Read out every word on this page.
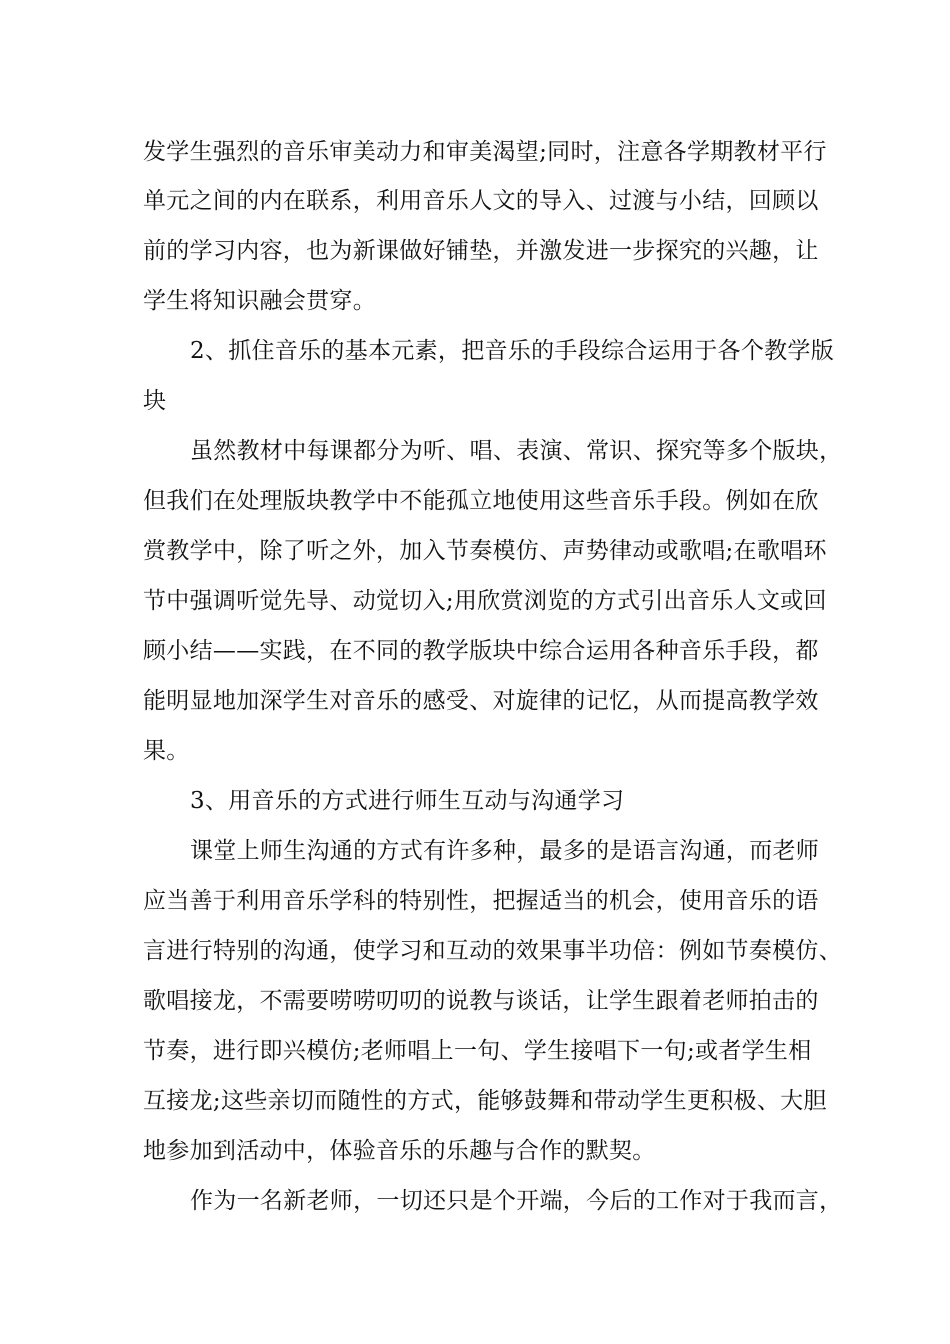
发学生强烈的音乐审美动力和审美渴望;同时，注意各学期教材平行
单元之间的内在联系，利用音乐人文的导入、过渡与小结，回顾以
前的学习内容，也为新课做好铺垫，并激发进一步探究的兴趣，让
学生将知识融会贯穿。
2、抓住音乐的基本元素，把音乐的手段综合运用于各个教学版
块
虽然教材中每课都分为听、唱、表演、常识、探究等多个版块，
但我们在处理版块教学中不能孤立地使用这些音乐手段。例如在欣
赏教学中，除了听之外，加入节奏模仿、声势律动或歌唱;在歌唱环
节中强调听觉先导、动觉切入;用欣赏浏览的方式引出音乐人文或回
顾小结——实践，在不同的教学版块中综合运用各种音乐手段，都
能明显地加深学生对音乐的感受、对旋律的记忆，从而提高教学效
果。
3、用音乐的方式进行师生互动与沟通学习
课堂上师生沟通的方式有许多种，最多的是语言沟通，而老师
应当善于利用音乐学科的特别性，把握适当的机会，使用音乐的语
言进行特别的沟通，使学习和互动的效果事半功倍：例如节奏模仿、
歌唱接龙，不需要唠唠叨叨的说教与谈话，让学生跟着老师拍击的
节奏，进行即兴模仿;老师唱上一句、学生接唱下一句;或者学生相
互接龙;这些亲切而随性的方式，能够鼓舞和带动学生更积极、大胆
地参加到活动中，体验音乐的乐趣与合作的默契。
作为一名新老师，一切还只是个开端，今后的工作对于我而言，
